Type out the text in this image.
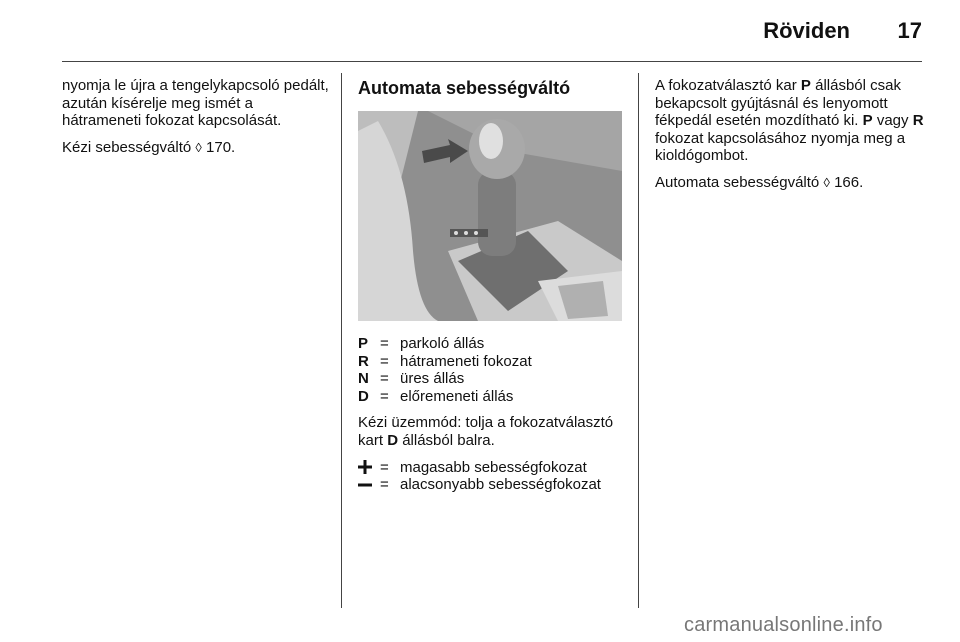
Röviden	17

nyomja le újra a tengelykapcsoló pedált, azután kísérelje meg ismét a hátrameneti fokozat kapcsolását.

Kézi sebességváltó ◊ 170.

Automata sebességváltó
P = parkoló állás
R = hátrameneti fokozat
N = üres állás
D = előremeneti állás

Kézi üzemmód: tolja a fokozatválasztó kart D állásból balra.

= magasabb sebességfokozat
= alacsonyabb sebességfokozat

A fokozatválasztó kar P állásból csak bekapcsolt gyújtásnál és lenyomott fékpedál esetén mozdítható ki. P vagy R fokozat kapcsolásához nyomja meg a kioldógombot.

Automata sebességváltó ◊ 166.

carmanualsonline.info
